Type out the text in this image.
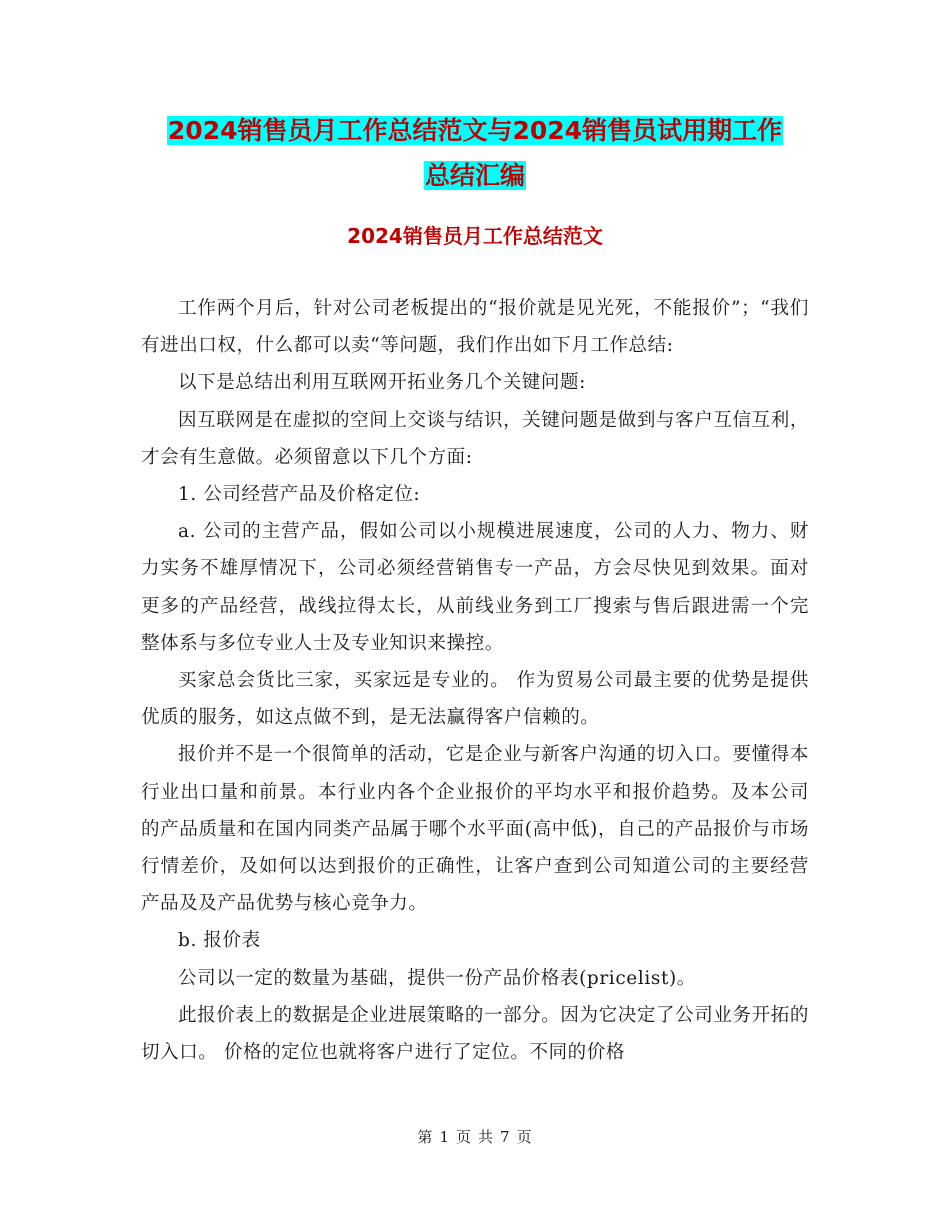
2024销售员月工作总结范文与2024销售员试用期工作
总结汇编
2024销售员月工作总结范文

工作两个月后，针对公司老板提出的“报价就是见光死，不能报价”；“我们有进出口权，什么都可以卖“等问题，我们作出如下月工作总结:

以下是总结出利用互联网开拓业务几个关键问题:

因互联网是在虚拟的空间上交谈与结识，关键问题是做到与客户互信互利，才会有生意做。必须留意以下几个方面:

1. 公司经营产品及价格定位:

a. 公司的主营产品，假如公司以小规模进展速度，公司的人力、物力、财力实务不雄厚情况下，公司必须经营销售专一产品，方会尽快见到效果。面对更多的产品经营，战线拉得太长，从前线业务到工厂搜索与售后跟进需一个完整体系与多位专业人士及专业知识来操控。

买家总会货比三家，买家远是专业的。 作为贸易公司最主要的优势是提供优质的服务，如这点做不到，是无法赢得客户信赖的。

报价并不是一个很简单的活动，它是企业与新客户沟通的切入口。要懂得本行业出口量和前景。本行业内各个企业报价的平均水平和报价趋势。及本公司的产品质量和在国内同类产品属于哪个水平面(高中低)，自己的产品报价与市场行情差价，及如何以达到报价的正确性，让客户查到公司知道公司的主要经营产品及及产品优势与核心竞争力。

b. 报价表

公司以一定的数量为基础，提供一份产品价格表(pricelist)。

此报价表上的数据是企业进展策略的一部分。因为它决定了公司业务开拓的切入口。 价格的定位也就将客户进行了定位。不同的价格

第 1 页 共 7 页
